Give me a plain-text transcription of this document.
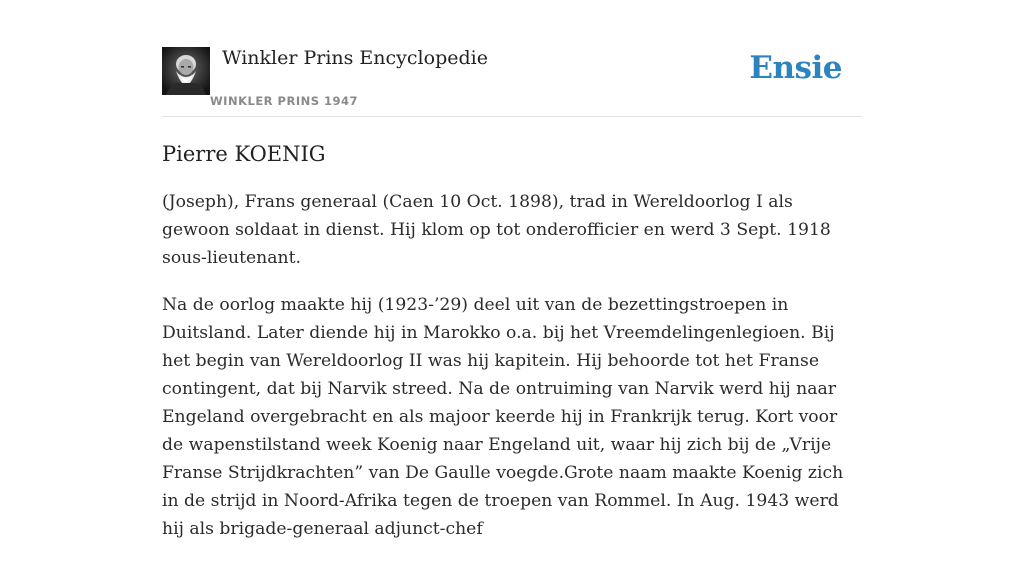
Winkler Prins Encyclopedie
WINKLER PRINS 1947
Ensie
Pierre KOENIG

(Joseph), Frans generaal (Caen 10 Oct. 1898), trad in Wereldoorlog I als gewoon soldaat in dienst. Hij klom op tot onderofficier en werd 3 Sept. 1918 sous-lieutenant.

Na de oorlog maakte hij (1923-’29) deel uit van de bezettingstroepen in Duitsland. Later diende hij in Marokko o.a. bij het Vreemdelingenlegioen. Bij het begin van Wereldoorlog II was hij kapitein. Hij behoorde tot het Franse contingent, dat bij Narvik streed. Na de ontruiming van Narvik werd hij naar Engeland overgebracht en als majoor keerde hij in Frankrijk terug. Kort voor de wapenstilstand week Koenig naar Engeland uit, waar hij zich bij de „Vrije Franse Strijdkrachten” van De Gaulle voegde.Grote naam maakte Koenig zich in de strijd in Noord-Afrika tegen de troepen van Rommel. In Aug. 1943 werd hij als brigade-generaal adjunct-chef
